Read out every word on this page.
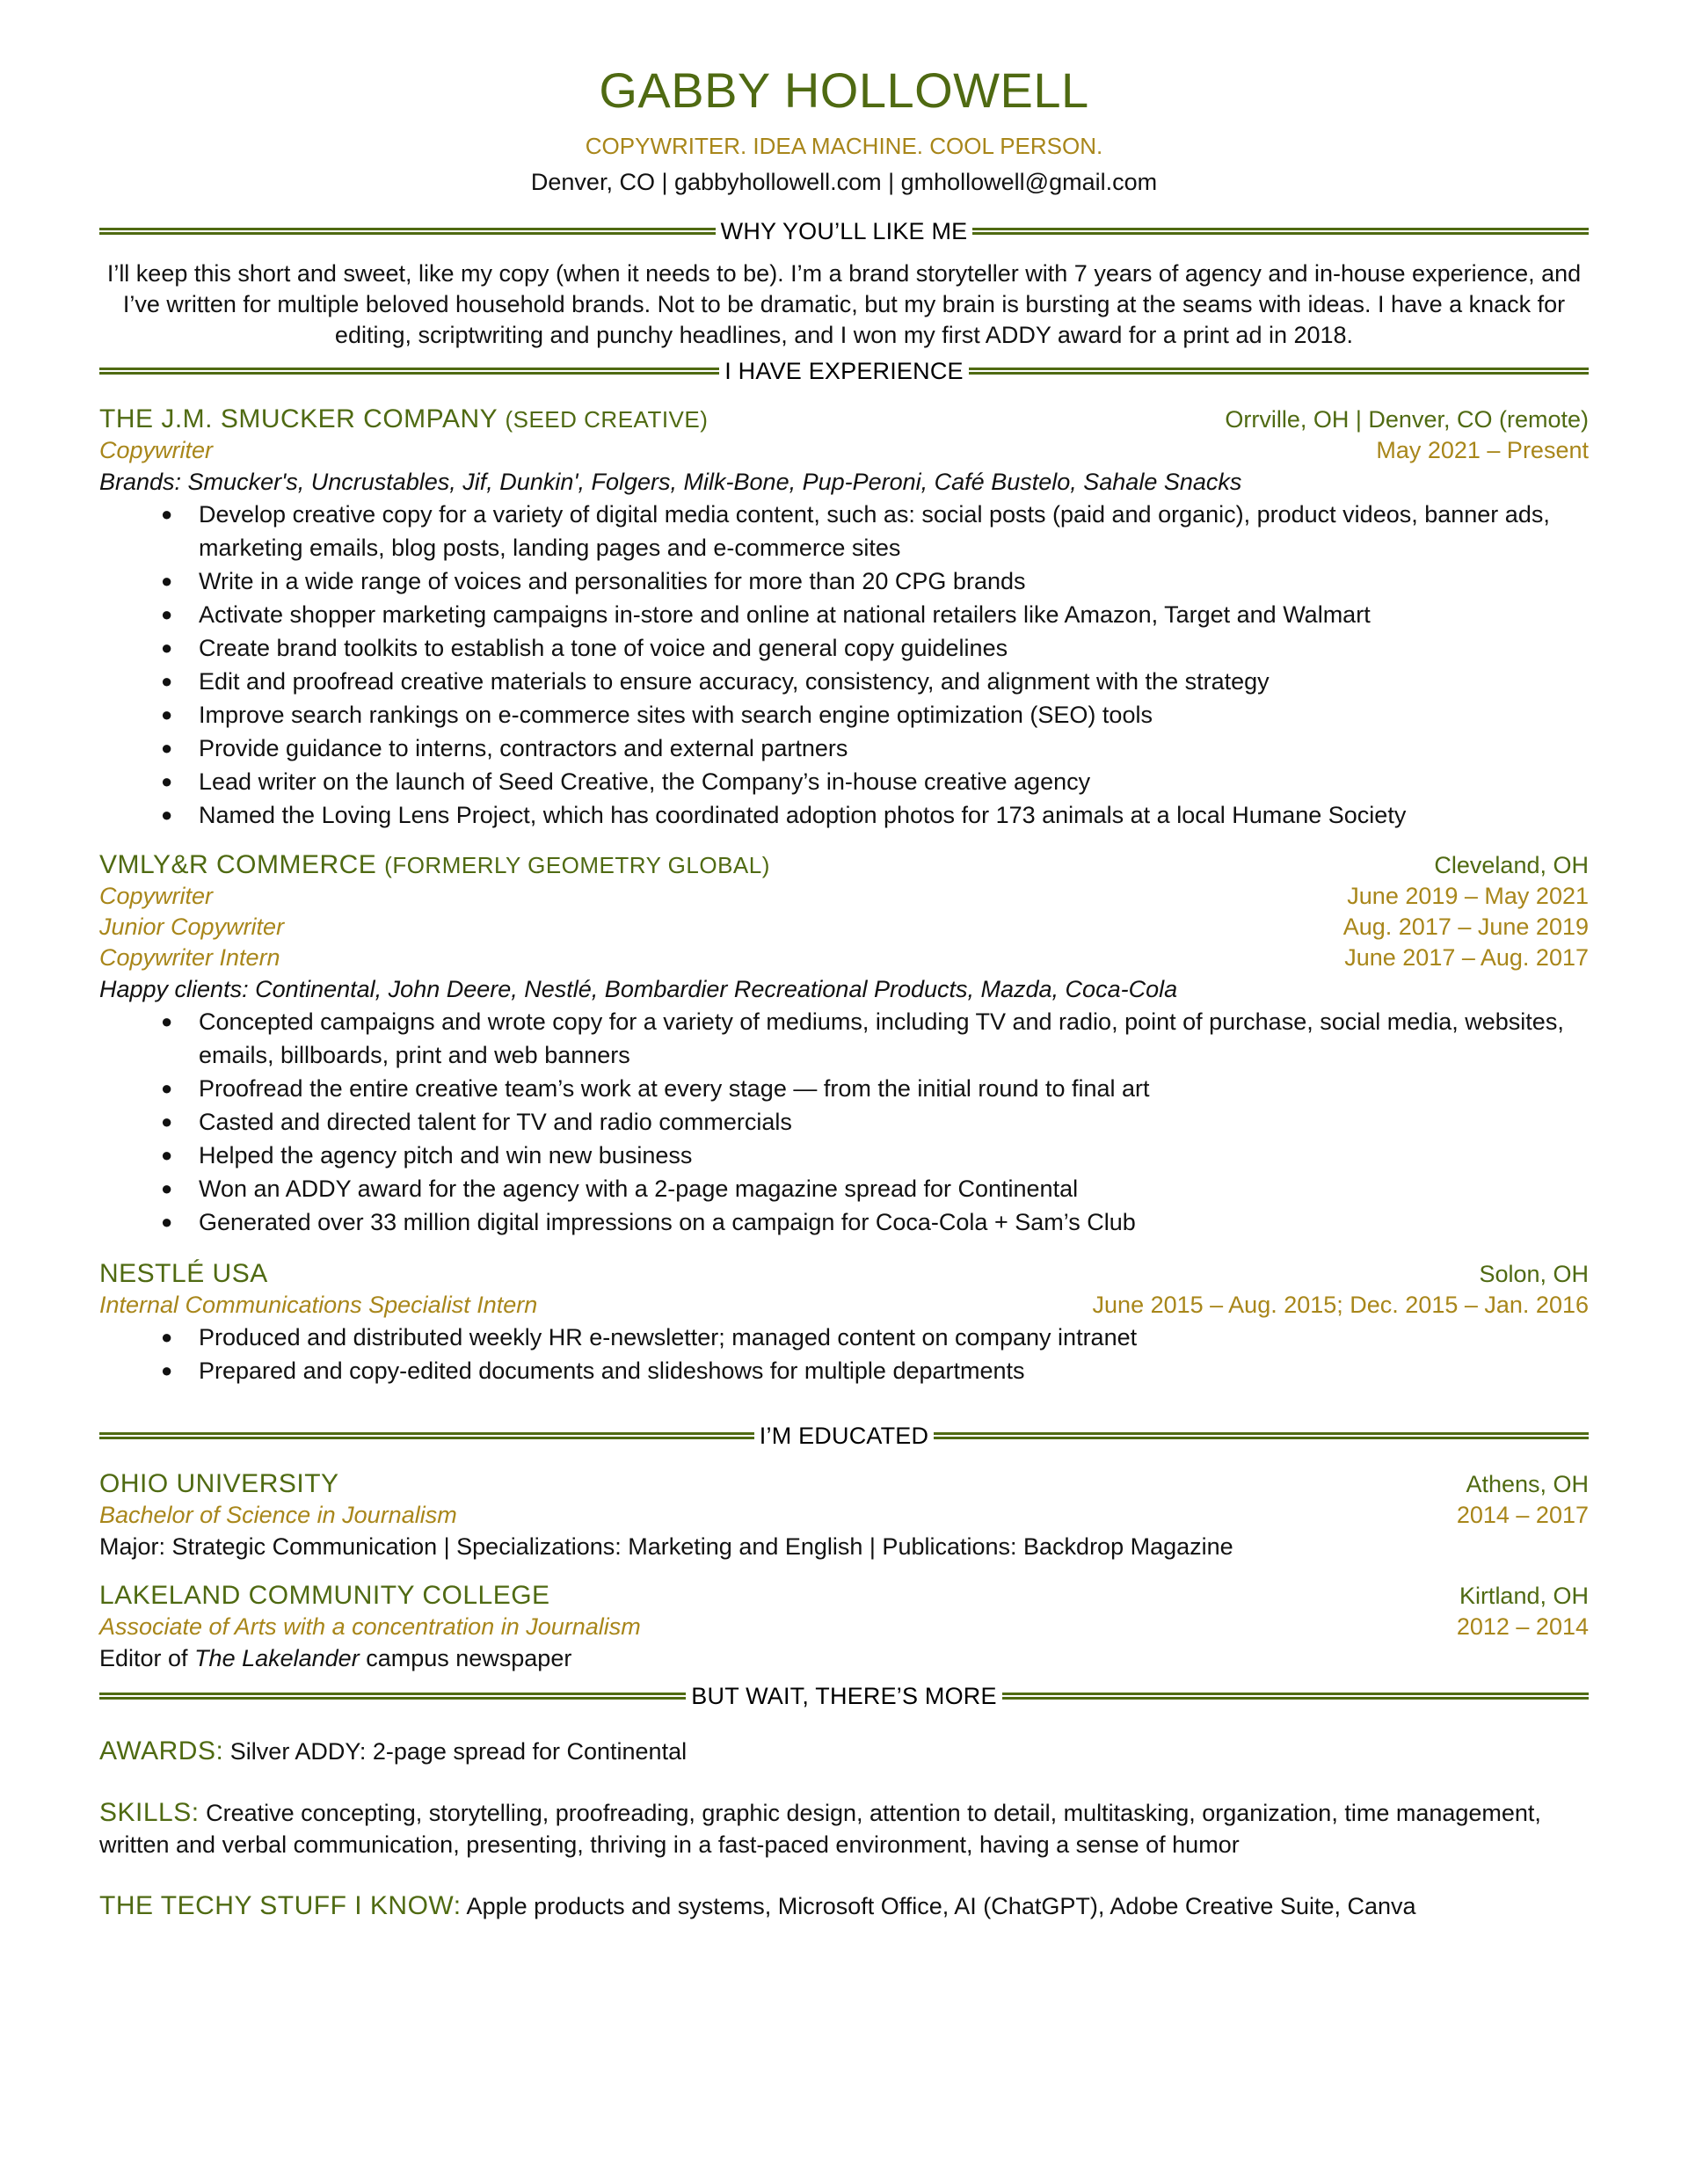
GABBY HOLLOWELL
COPYWRITER. IDEA MACHINE. COOL PERSON.
Denver, CO | gabbyhollowell.com | gmhollowell@gmail.com
WHY YOU’LL LIKE ME
I’ll keep this short and sweet, like my copy (when it needs to be). I’m a brand storyteller with 7 years of agency and in-house experience, and I’ve written for multiple beloved household brands. Not to be dramatic, but my brain is bursting at the seams with ideas. I have a knack for editing, scriptwriting and punchy headlines, and I won my first ADDY award for a print ad in 2018.
I HAVE EXPERIENCE
THE J.M. SMUCKER COMPANY (SEED CREATIVE)	Orrville, OH | Denver, CO (remote)
Copywriter	May 2021 – Present
Brands: Smucker's, Uncrustables, Jif, Dunkin', Folgers, Milk-Bone, Pup-Peroni, Café Bustelo, Sahale Snacks
● Develop creative copy for a variety of digital media content, such as: social posts (paid and organic), product videos, banner ads, marketing emails, blog posts, landing pages and e-commerce sites
● Write in a wide range of voices and personalities for more than 20 CPG brands
● Activate shopper marketing campaigns in-store and online at national retailers like Amazon, Target and Walmart
● Create brand toolkits to establish a tone of voice and general copy guidelines
● Edit and proofread creative materials to ensure accuracy, consistency, and alignment with the strategy
● Improve search rankings on e-commerce sites with search engine optimization (SEO) tools
● Provide guidance to interns, contractors and external partners
● Lead writer on the launch of Seed Creative, the Company’s in-house creative agency
● Named the Loving Lens Project, which has coordinated adoption photos for 173 animals at a local Humane Society
VMLY&R COMMERCE (FORMERLY GEOMETRY GLOBAL)	Cleveland, OH
Copywriter	June 2019 – May 2021
Junior Copywriter	Aug. 2017 – June 2019
Copywriter Intern	June 2017 – Aug. 2017
Happy clients: Continental, John Deere, Nestlé, Bombardier Recreational Products, Mazda, Coca-Cola
● Concepted campaigns and wrote copy for a variety of mediums, including TV and radio, point of purchase, social media, websites, emails, billboards, print and web banners
● Proofread the entire creative team’s work at every stage — from the initial round to final art
● Casted and directed talent for TV and radio commercials
● Helped the agency pitch and win new business
● Won an ADDY award for the agency with a 2-page magazine spread for Continental
● Generated over 33 million digital impressions on a campaign for Coca-Cola + Sam’s Club
NESTLÉ USA	Solon, OH
Internal Communications Specialist Intern	June 2015 – Aug. 2015; Dec. 2015 – Jan. 2016
● Produced and distributed weekly HR e-newsletter; managed content on company intranet
● Prepared and copy-edited documents and slideshows for multiple departments
I’M EDUCATED
OHIO UNIVERSITY	Athens, OH
Bachelor of Science in Journalism	2014 – 2017
Major: Strategic Communication | Specializations: Marketing and English | Publications: Backdrop Magazine
LAKELAND COMMUNITY COLLEGE	Kirtland, OH
Associate of Arts with a concentration in Journalism	2012 – 2014
Editor of The Lakelander campus newspaper
BUT WAIT, THERE’S MORE
AWARDS: Silver ADDY: 2-page spread for Continental
SKILLS: Creative concepting, storytelling, proofreading, graphic design, attention to detail, multitasking, organization, time management, written and verbal communication, presenting, thriving in a fast-paced environment, having a sense of humor
THE TECHY STUFF I KNOW: Apple products and systems, Microsoft Office, AI (ChatGPT), Adobe Creative Suite, Canva
